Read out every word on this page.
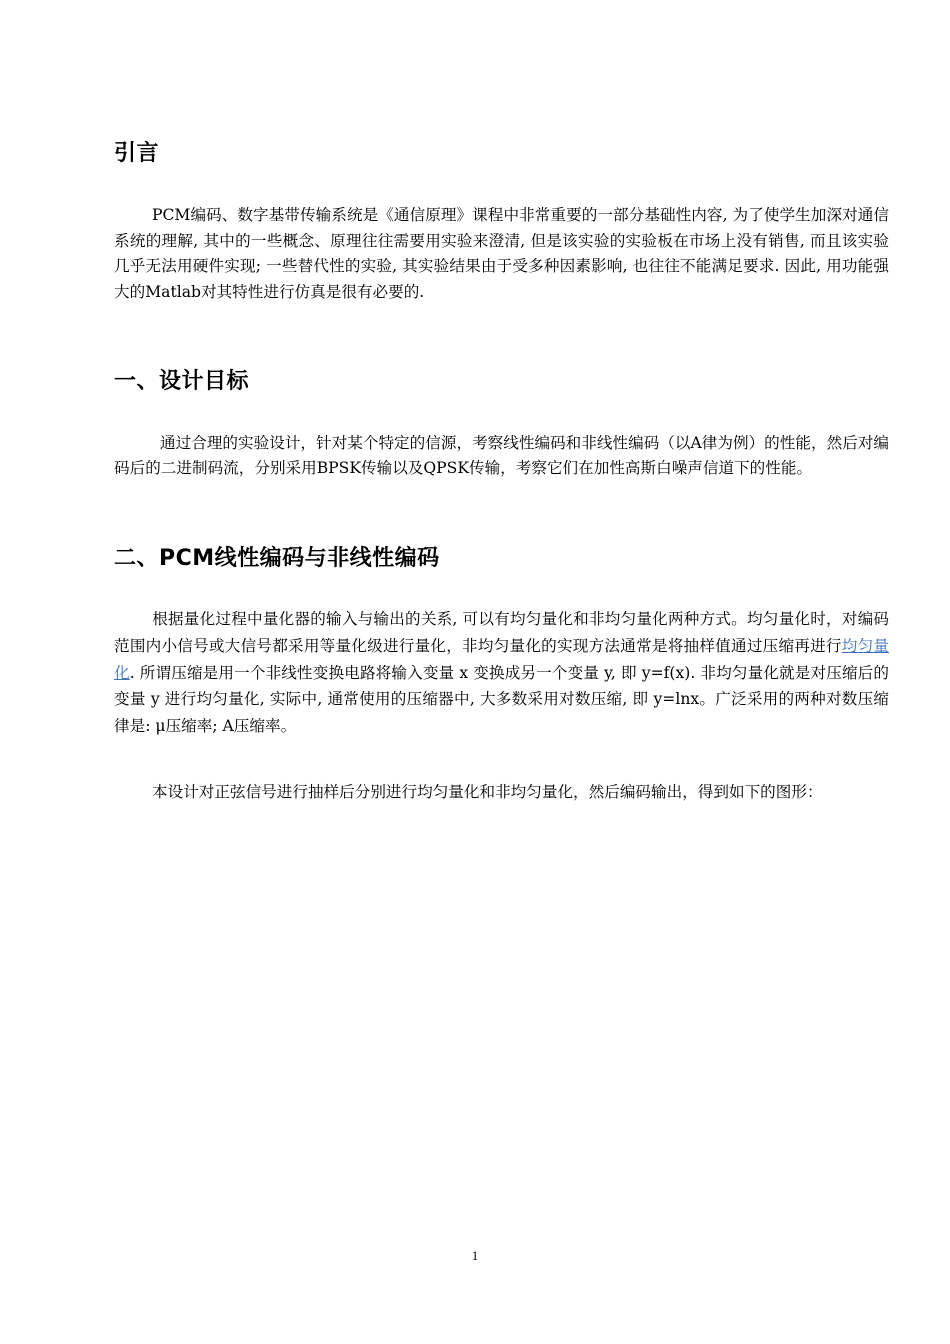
引言

PCM编码、数字基带传输系统是《通信原理》课程中非常重要的一部分基础性内容, 为了使学生加深对通信系统的理解, 其中的一些概念、原理往往需要用实验来澄清, 但是该实验的实验板在市场上没有销售, 而且该实验几乎无法用硬件实现; 一些替代性的实验, 其实验结果由于受多种因素影响, 也往往不能满足要求. 因此, 用功能强大的Matlab对其特性进行仿真是很有必要的.

一、设计目标

通过合理的实验设计，针对某个特定的信源，考察线性编码和非线性编码（以A律为例）的性能，然后对编码后的二进制码流，分别采用BPSK传输以及QPSK传输，考察它们在加性高斯白噪声信道下的性能。

二、PCM线性编码与非线性编码

根据量化过程中量化器的输入与输出的关系, 可以有均匀量化和非均匀量化两种方式。均匀量化时，对编码范围内小信号或大信号都采用等量化级进行量化，非均匀量化的实现方法通常是将抽样值通过压缩再进行均匀量化. 所谓压缩是用一个非线性变换电路将输入变量 x 变换成另一个变量 y, 即 y=f(x). 非均匀量化就是对压缩后的变量 y 进行均匀量化, 实际中, 通常使用的压缩器中, 大多数采用对数压缩, 即 y=lnx。广泛采用的两种对数压缩律是: μ压缩率; A压缩率。

本设计对正弦信号进行抽样后分别进行均匀量化和非均匀量化，然后编码输出，得到如下的图形：

1
